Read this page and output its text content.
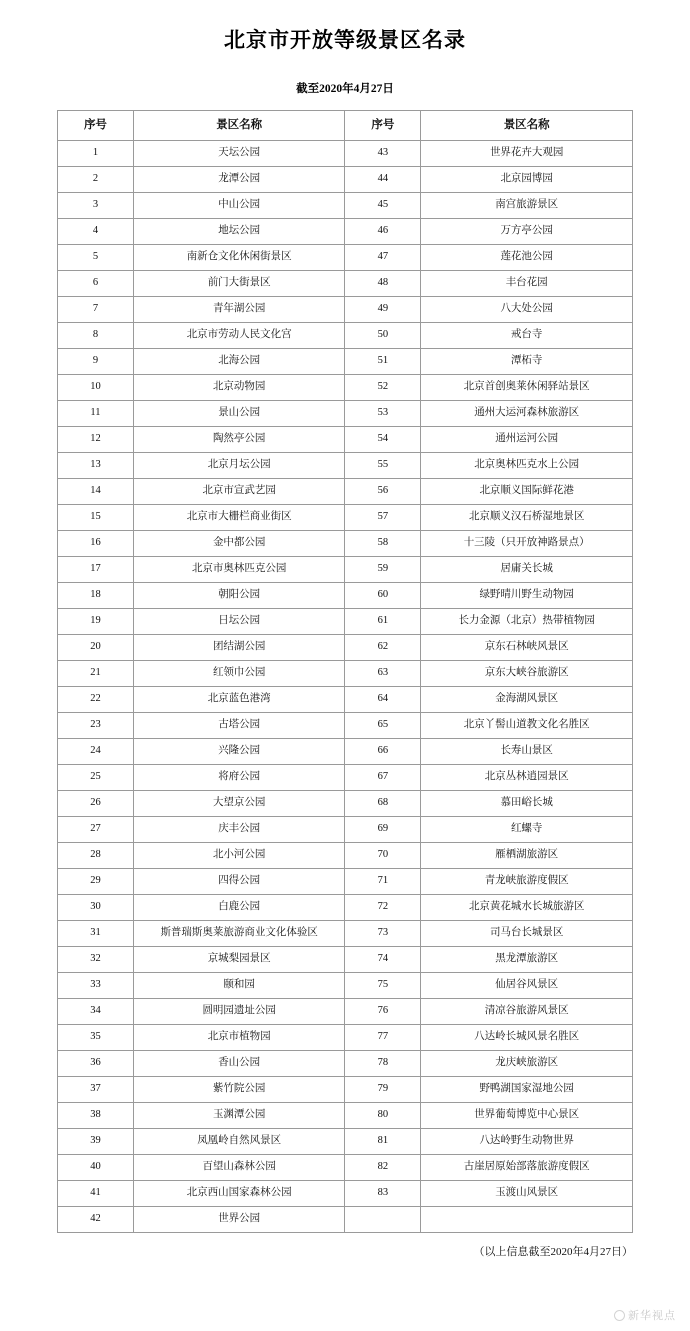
北京市开放等级景区名录
截至2020年4月27日
序号	景区名称	序号	景区名称
1	天坛公园	43	世界花卉大观园
2	龙潭公园	44	北京园博园
3	中山公园	45	南宫旅游景区
4	地坛公园	46	万方亭公园
5	南新仓文化休闲街景区	47	莲花池公园
6	前门大街景区	48	丰台花园
7	青年湖公园	49	八大处公园
8	北京市劳动人民文化宫	50	戒台寺
9	北海公园	51	潭柘寺
10	北京动物园	52	北京首创奥莱休闲驿站景区
11	景山公园	53	通州大运河森林旅游区
12	陶然亭公园	54	通州运河公园
13	北京月坛公园	55	北京奥林匹克水上公园
14	北京市宣武艺园	56	北京顺义国际鲜花港
15	北京市大栅栏商业街区	57	北京顺义汉石桥湿地景区
16	金中都公园	58	十三陵（只开放神路景点）
17	北京市奥林匹克公园	59	居庸关长城
18	朝阳公园	60	绿野晴川野生动物园
19	日坛公园	61	长力金源（北京）热带植物园
20	团结湖公园	62	京东石林峡风景区
21	红领巾公园	63	京东大峡谷旅游区
22	北京蓝色港湾	64	金海湖风景区
23	古塔公园	65	北京丫髻山道教文化名胜区
24	兴隆公园	66	长寿山景区
25	将府公园	67	北京丛林逍园景区
26	大望京公园	68	慕田峪长城
27	庆丰公园	69	红螺寺
28	北小河公园	70	雁栖湖旅游区
29	四得公园	71	青龙峡旅游度假区
30	白鹿公园	72	北京黄花城水长城旅游区
31	斯普瑞斯奥莱旅游商业文化体验区	73	司马台长城景区
32	京城梨园景区	74	黑龙潭旅游区
33	颐和园	75	仙居谷风景区
34	圆明园遗址公园	76	清凉谷旅游风景区
35	北京市植物园	77	八达岭长城风景名胜区
36	香山公园	78	龙庆峡旅游区
37	紫竹院公园	79	野鸭湖国家湿地公园
38	玉渊潭公园	80	世界葡萄博览中心景区
39	凤凰岭自然风景区	81	八达岭野生动物世界
40	百望山森林公园	82	古崖居原始部落旅游度假区
41	北京西山国家森林公园	83	玉渡山风景区
42	世界公园		
（以上信息截至2020年4月27日）
新华视点
